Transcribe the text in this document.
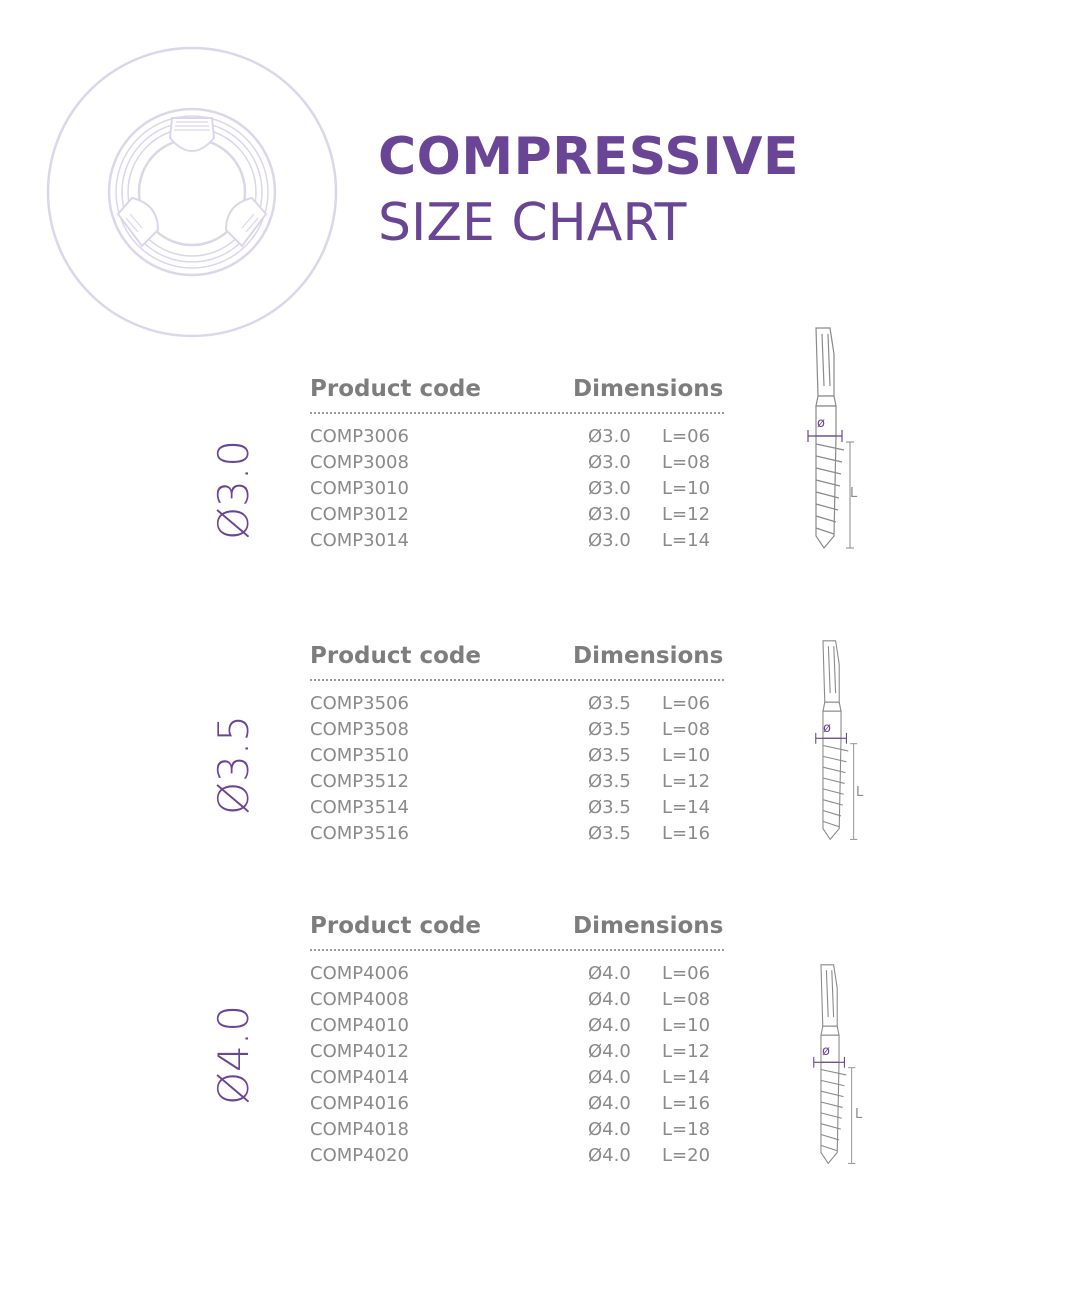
COMPRESSIVE
SIZE CHART
Ø3.0
Product code	Dimensions
COMP3006	Ø3.0 L=06
COMP3008	Ø3.0 L=08
COMP3010	Ø3.0 L=10
COMP3012	Ø3.0 L=12
COMP3014	Ø3.0 L=14
ø
L
Ø3.5
Product code	Dimensions
COMP3506	Ø3.5 L=06
COMP3508	Ø3.5 L=08
COMP3510	Ø3.5 L=10
COMP3512	Ø3.5 L=12
COMP3514	Ø3.5 L=14
COMP3516	Ø3.5 L=16
ø
L
Ø4.0
Product code	Dimensions
COMP4006	Ø4.0 L=06
COMP4008	Ø4.0 L=08
COMP4010	Ø4.0 L=10
COMP4012	Ø4.0 L=12
COMP4014	Ø4.0 L=14
COMP4016	Ø4.0 L=16
COMP4018	Ø4.0 L=18
COMP4020	Ø4.0 L=20
ø
L
